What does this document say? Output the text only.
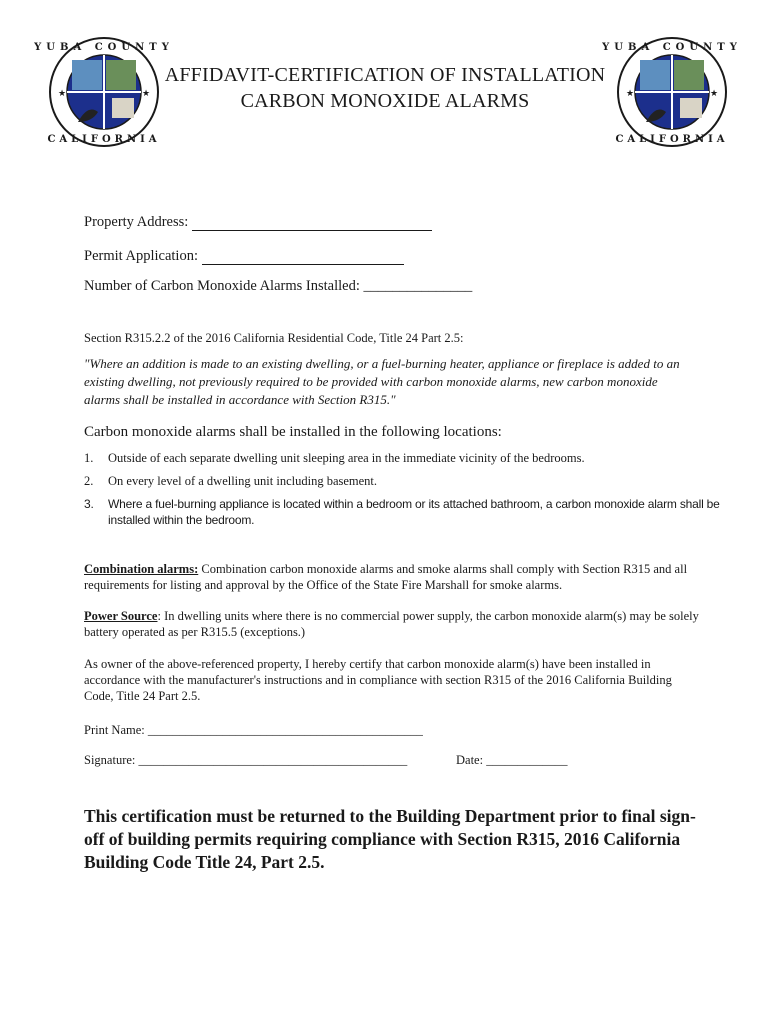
YUBA COUNTY
CALIFORNIA
★	★
YUBA COUNTY
CALIFORNIA
★	★
AFFIDAVIT-CERTIFICATION OF INSTALLATION
CARBON MONOXIDE ALARMS
Property Address:
Permit Application:
Number of Carbon Monoxide Alarms Installed: _______________
Section R315.2.2 of the 2016 California Residential Code, Title 24 Part 2.5:
"Where an addition is made to an existing dwelling, or a fuel-burning heater, appliance or fireplace is added to an existing dwelling, not previously required to be provided with carbon monoxide alarms, new carbon monoxide alarms shall be installed in accordance with Section R315."
Carbon monoxide alarms shall be installed in the following locations:
1.	Outside of each separate dwelling unit sleeping area in the immediate vicinity of the bedrooms.
2.	On every level of a dwelling unit including basement.
3.	Where a fuel-burning appliance is located within a bedroom or its attached bathroom, a carbon monoxide alarm shall be installed within the bedroom.
Combination alarms: Combination carbon monoxide alarms and smoke alarms shall comply with Section R315 and all requirements for listing and approval by the Office of the State Fire Marshall for smoke alarms.
Power Source: In dwelling units where there is no commercial power supply, the carbon monoxide alarm(s) may be solely battery operated as per R315.5 (exceptions.)
As owner of the above-referenced property, I hereby certify that carbon monoxide alarm(s) have been installed in accordance with the manufacturer's instructions and in compliance with section R315 of the 2016 California Building Code, Title 24 Part 2.5.
Print Name: ____________________________________________
Signature: ___________________________________________	Date: _____________
This certification must be returned to the Building Department prior to final sign-off of building permits requiring compliance with Section R315, 2016 California Building Code Title 24, Part 2.5.
